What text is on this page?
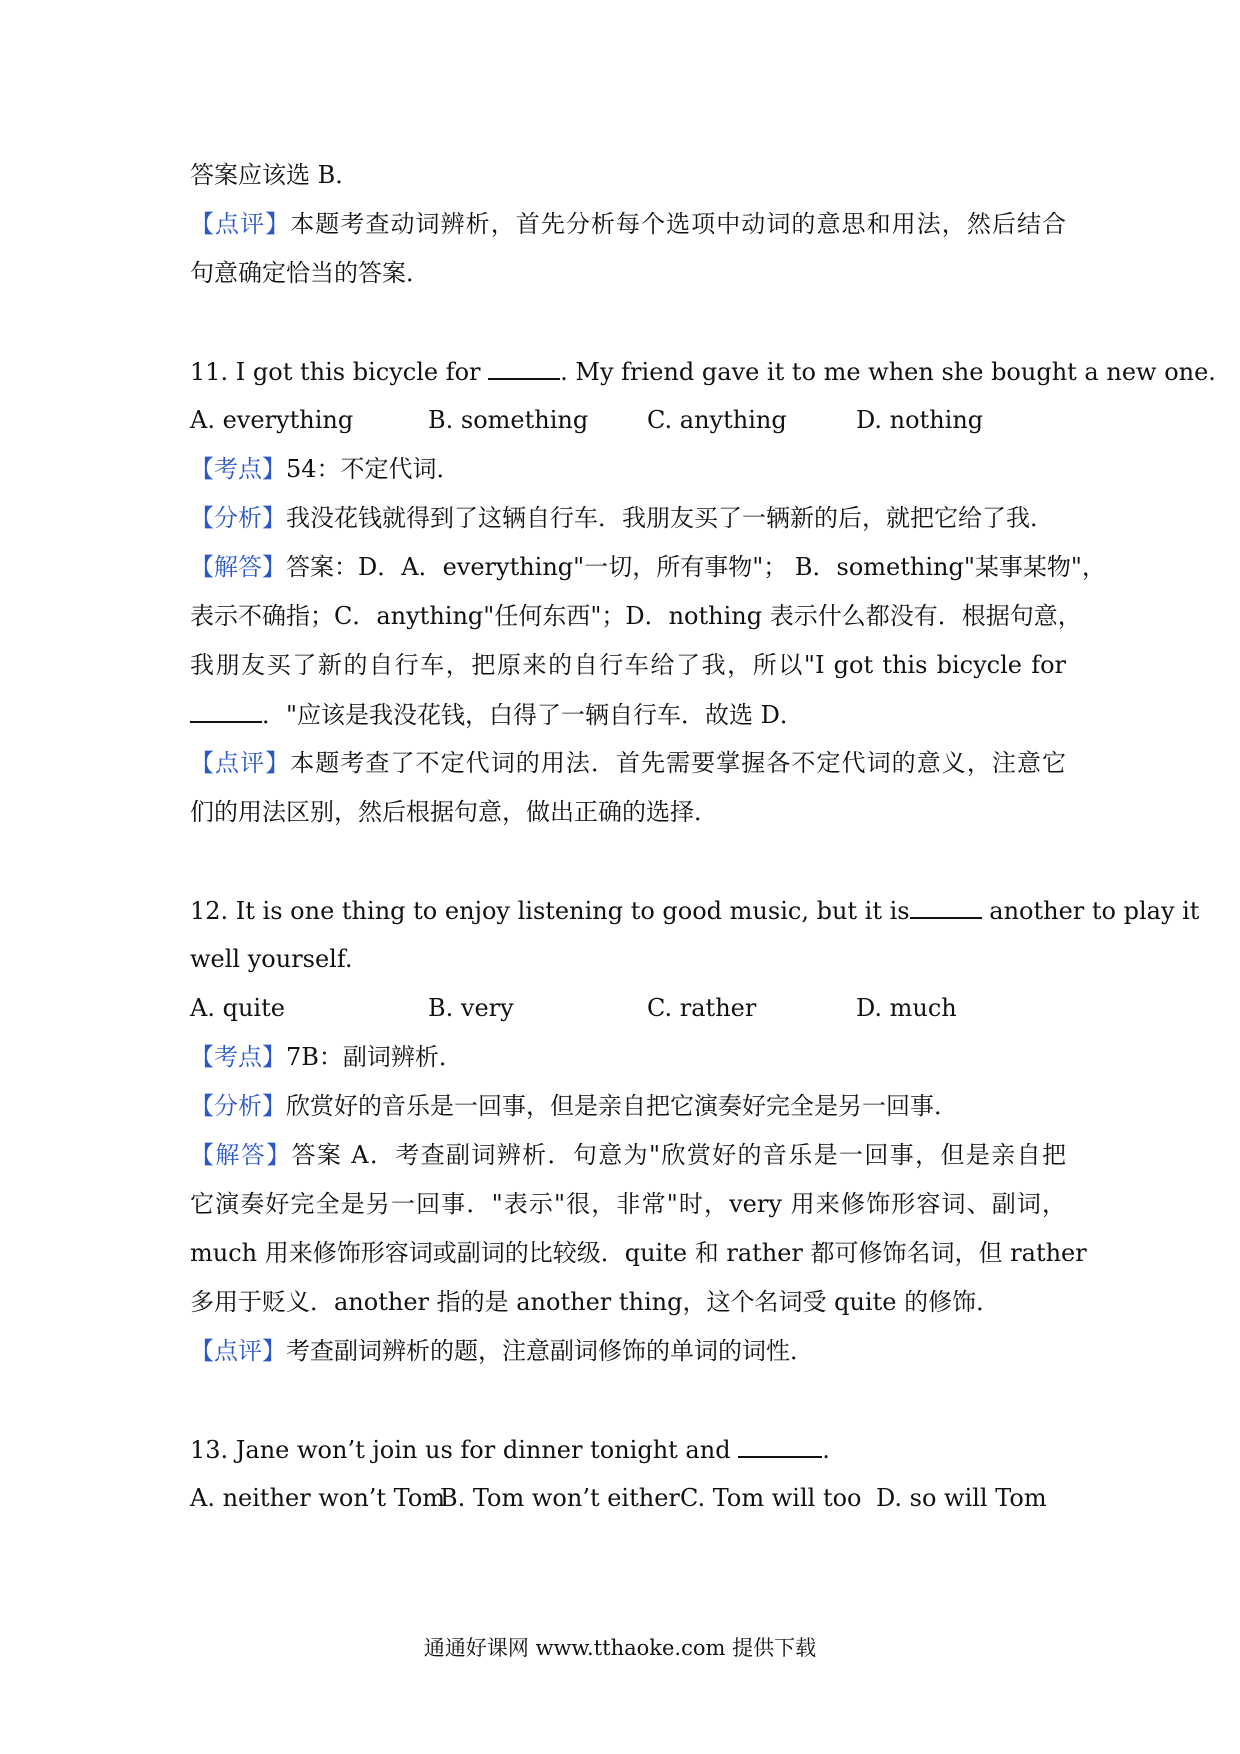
答案应该选 B．
【点评】本题考查动词辨析，首先分析每个选项中动词的意思和用法，然后结合
句意确定恰当的答案．
11. I got this bicycle for	. My friend gave it to me when she bought a new one.
A. everything	B. something C. anything	D. nothing
【考点】54：不定代词．
【分析】我没花钱就得到了这辆自行车．我朋友买了一辆新的后，就把它给了我．
【解答】答案：D．A．everything"一切，所有事物"； B．something"某事某物"，
表示不确指；C．anything"任何东西"；D．nothing 表示什么都没有．根据句意，
我朋友买了新的自行车，把原来的自行车给了我，所以"I got this bicycle for
．"应该是我没花钱，白得了一辆自行车．故选 D．
【点评】本题考查了不定代词的用法．首先需要掌握各不定代词的意义，注意它
们的用法区别，然后根据句意，做出正确的选择．
12. It is one thing to enjoy listening to good music, but it is	another to play it
well yourself.
A. quite	B. very	C. rather	D. much
【考点】7B：副词辨析．
【分析】欣赏好的音乐是一回事，但是亲自把它演奏好完全是另一回事．
【解答】答案 A．考查副词辨析．句意为"欣赏好的音乐是一回事，但是亲自把
它演奏好完全是另一回事．"表示"很，非常"时，very 用来修饰形容词、副词，
much 用来修饰形容词或副词的比较级．quite 和 rather 都可修饰名词，但 rather
多用于贬义．another 指的是 another thing，这个名词受 quite 的修饰．
【点评】考查副词辨析的题，注意副词修饰的单词的词性．
13. Jane won’t join us for dinner tonight and	.
A. neither won’t Tom
B. Tom won’t either C. Tom will too D. so will Tom
通通好课网 www.tthaoke.com 提供下载
